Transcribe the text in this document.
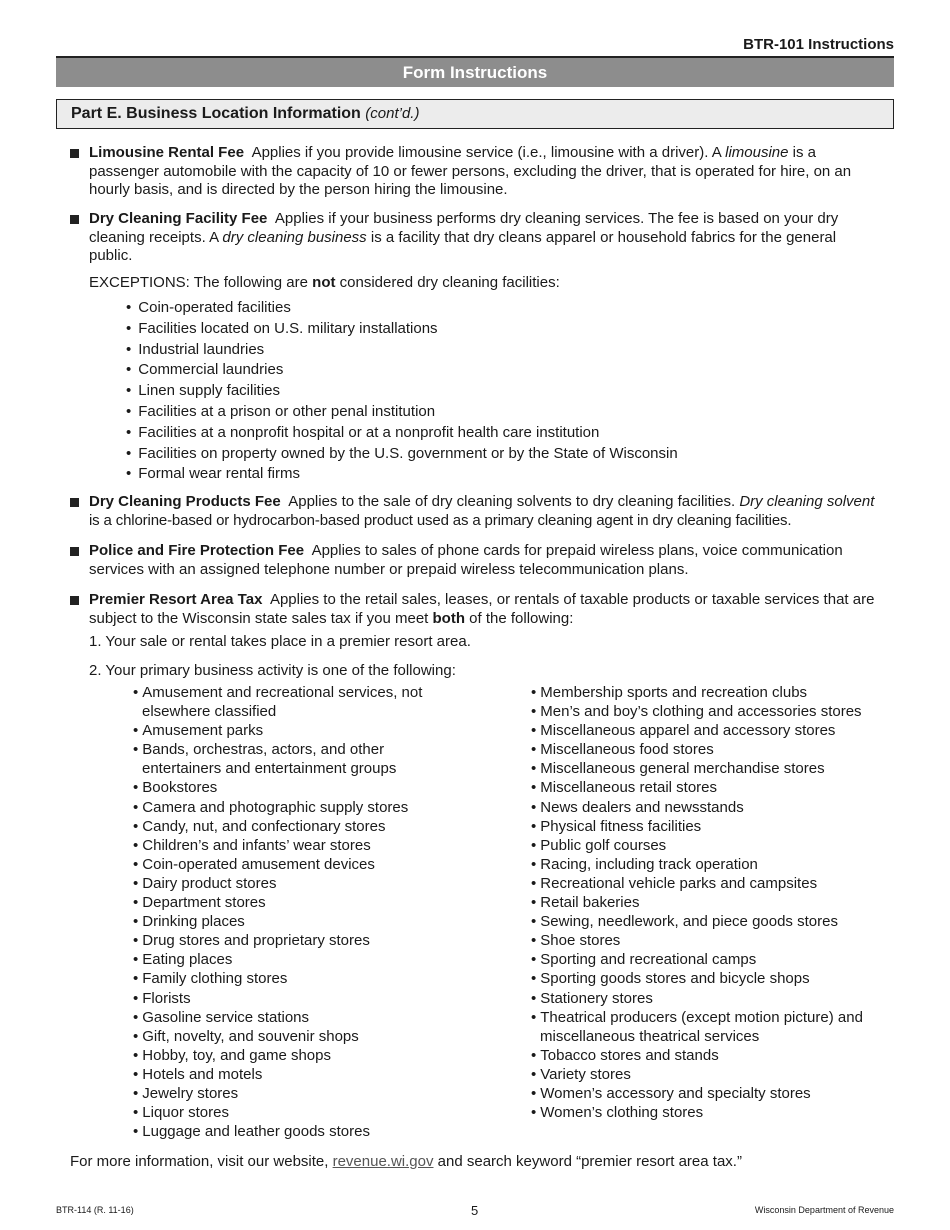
BTR-101 Instructions
Form Instructions
Part E. Business Location Information (cont’d.)

Limousine Rental Fee Applies if you provide limousine service (i.e., limousine with a driver). A limousine is a passenger automobile with the capacity of 10 or fewer persons, excluding the driver, that is operated for hire, on an hourly basis, and is directed by the person hiring the limousine.

Dry Cleaning Facility Fee Applies if your business performs dry cleaning services. The fee is based on your dry cleaning receipts. A dry cleaning business is a facility that dry cleans apparel or household fabrics for the general public.

EXCEPTIONS: The following are not considered dry cleaning facilities:
• Coin-operated facilities
• Facilities located on U.S. military installations
• Industrial laundries
• Commercial laundries
• Linen supply facilities
• Facilities at a prison or other penal institution
• Facilities at a nonprofit hospital or at a nonprofit health care institution
• Facilities on property owned by the U.S. government or by the State of Wisconsin
• Formal wear rental firms

Dry Cleaning Products Fee Applies to the sale of dry cleaning solvents to dry cleaning facilities. Dry cleaning solvent is a chlorine-based or hydrocarbon-based product used as a primary cleaning agent in dry cleaning facilities.

Police and Fire Protection Fee Applies to sales of phone cards for prepaid wireless plans, voice communication services with an assigned telephone number or prepaid wireless telecommunication plans.

Premier Resort Area Tax Applies to the retail sales, leases, or rentals of taxable products or taxable services that are subject to the Wisconsin state sales tax if you meet both of the following:

1. Your sale or rental takes place in a premier resort area.
2. Your primary business activity is one of the following:
• Amusement and recreational services, not elsewhere classified
• Amusement parks
• Bands, orchestras, actors, and other entertainers and entertainment groups
• Bookstores
• Camera and photographic supply stores
• Candy, nut, and confectionary stores
• Children’s and infants’ wear stores
• Coin-operated amusement devices
• Dairy product stores
• Department stores
• Drinking places
• Drug stores and proprietary stores
• Eating places
• Family clothing stores
• Florists
• Gasoline service stations
• Gift, novelty, and souvenir shops
• Hobby, toy, and game shops
• Hotels and motels
• Jewelry stores
• Liquor stores
• Luggage and leather goods stores
• Membership sports and recreation clubs
• Men’s and boy’s clothing and accessories stores
• Miscellaneous apparel and accessory stores
• Miscellaneous food stores
• Miscellaneous general merchandise stores
• Miscellaneous retail stores
• News dealers and newsstands
• Physical fitness facilities
• Public golf courses
• Racing, including track operation
• Recreational vehicle parks and campsites
• Retail bakeries
• Sewing, needlework, and piece goods stores
• Shoe stores
• Sporting and recreational camps
• Sporting goods stores and bicycle shops
• Stationery stores
• Theatrical producers (except motion picture) and miscellaneous theatrical services
• Tobacco stores and stands
• Variety stores
• Women’s accessory and specialty stores
• Women’s clothing stores
For more information, visit our website, revenue.wi.gov and search keyword “premier resort area tax.”
BTR-114 (R. 11-16)	5	Wisconsin Department of Revenue
